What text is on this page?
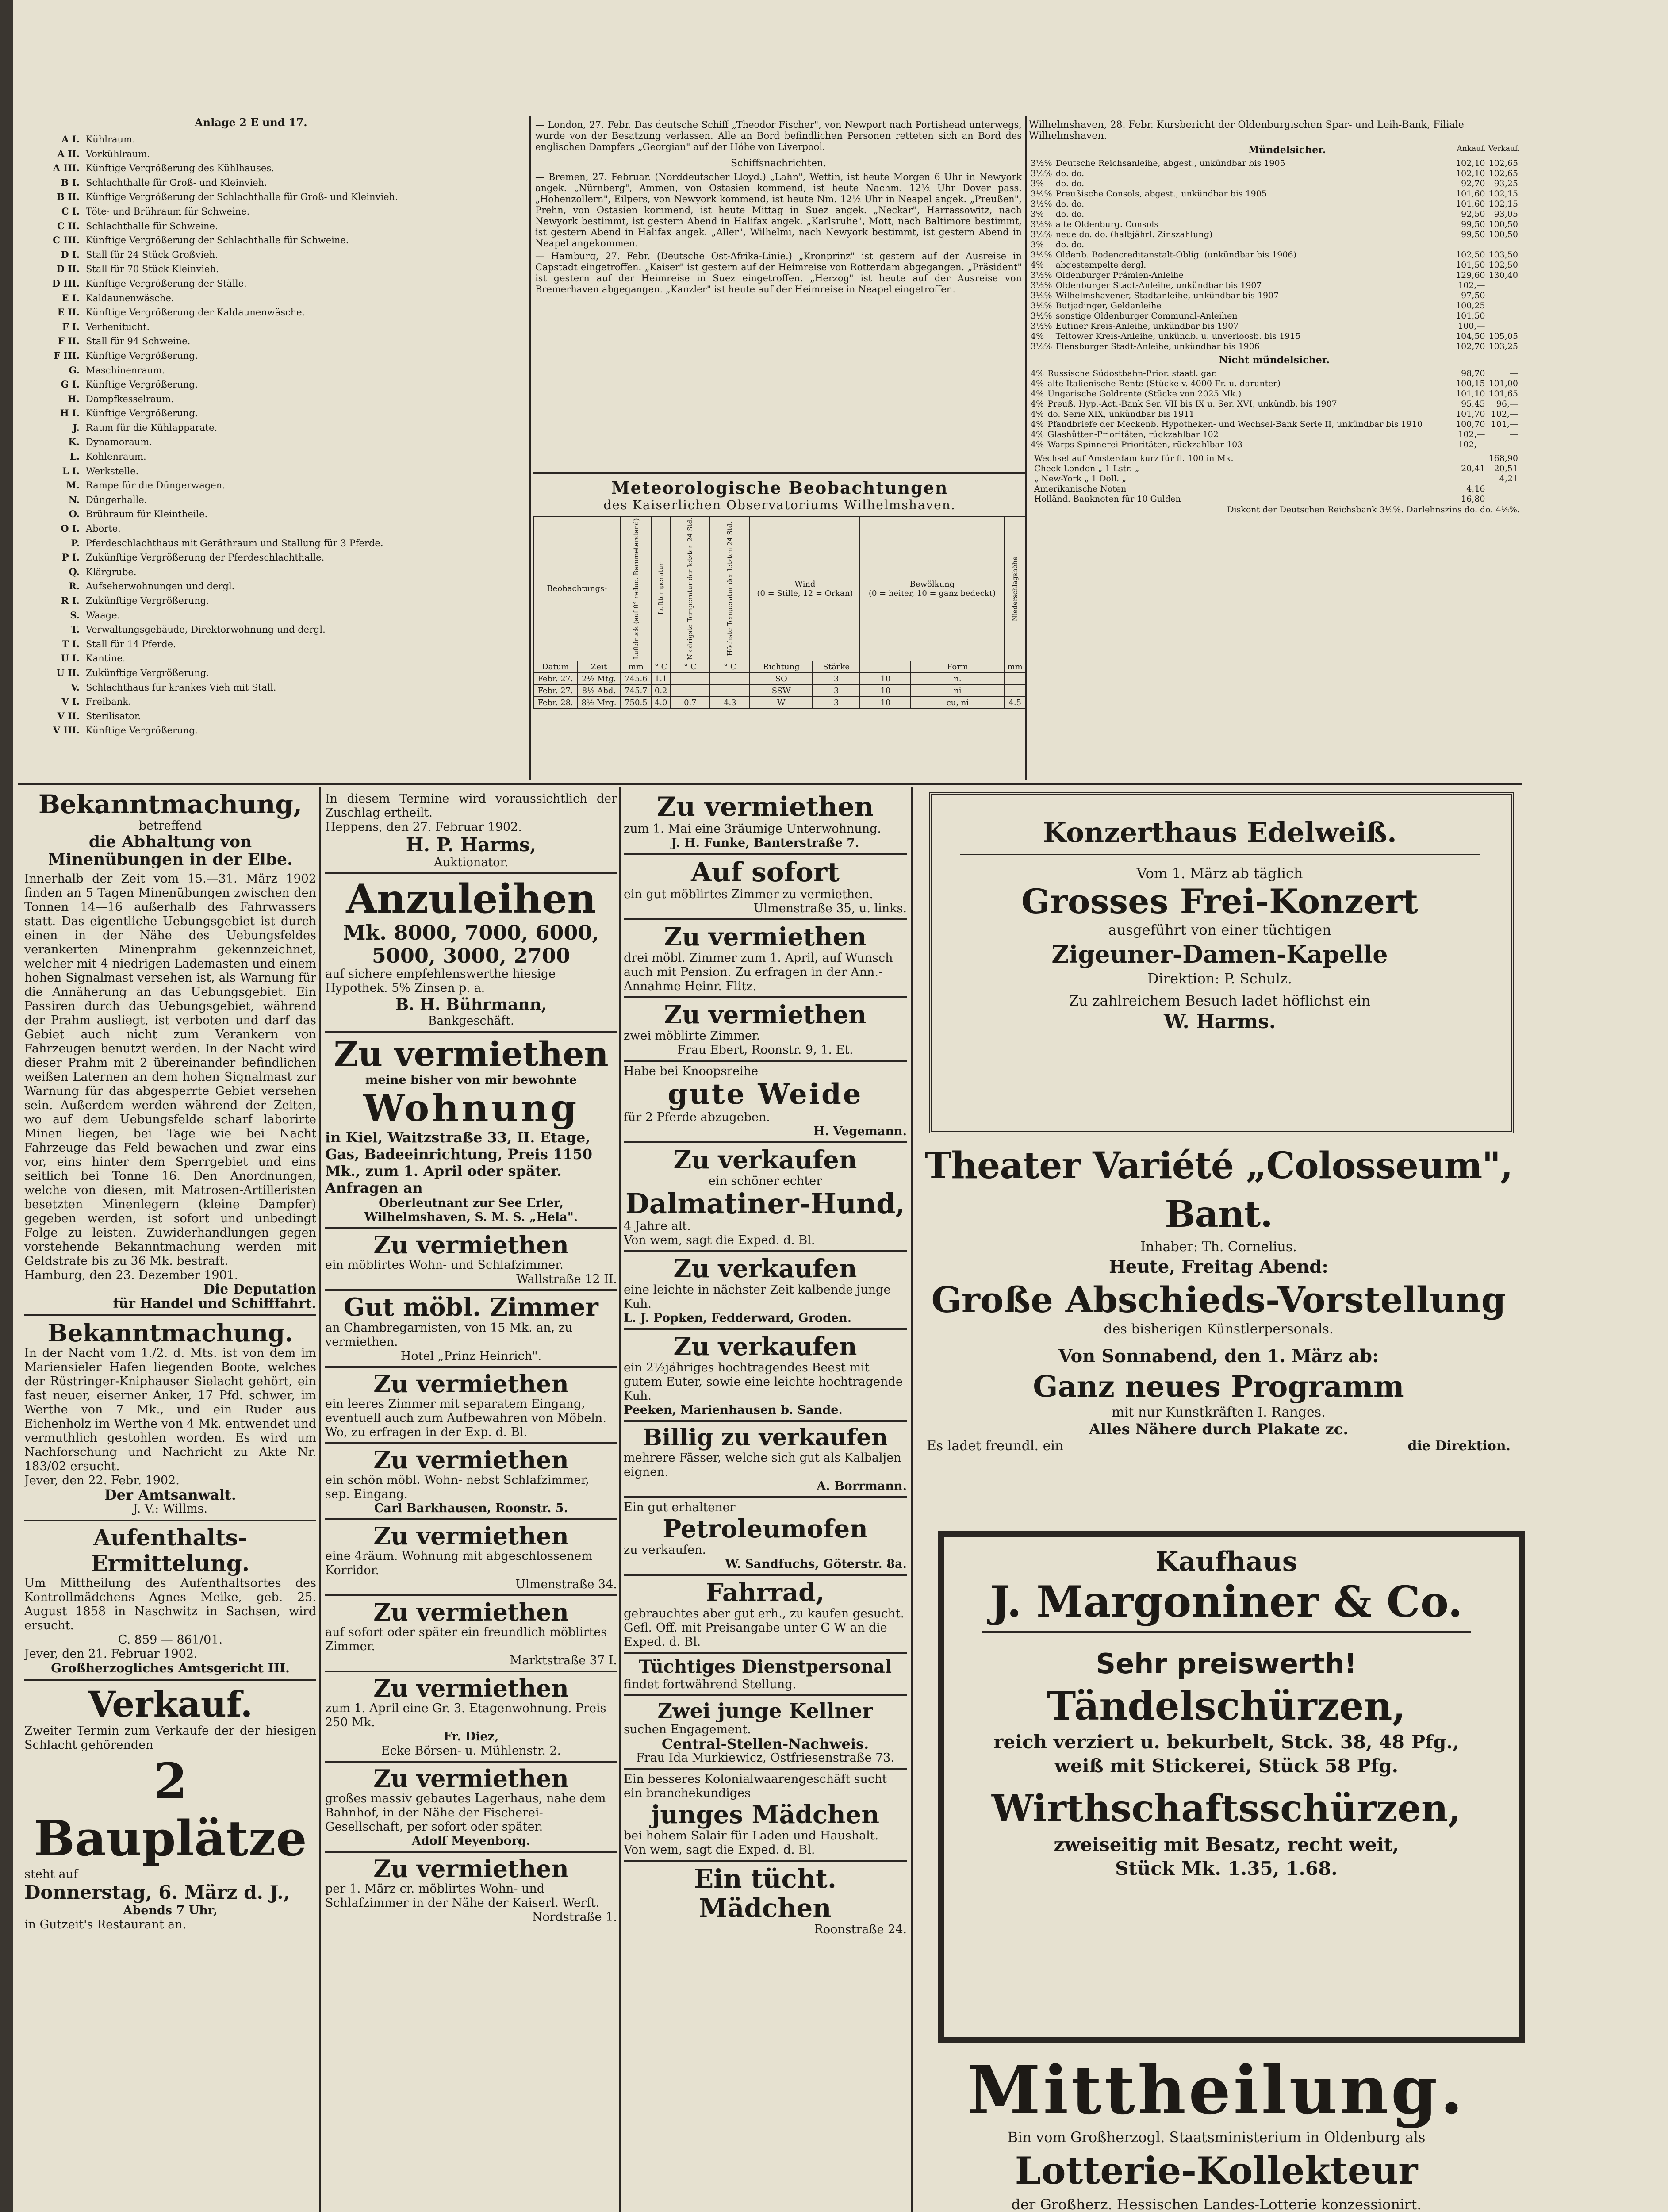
Anlage 2 E und 17.
A I. Kühlraum.
A II. Vorkühlraum.
A III. Künftige Vergrößerung des Kühlhauses.
B I. Schlachthalle für Groß- und Kleinvieh.
B II. Künftige Vergrößerung der Schlachthalle für Groß- und Kleinvieh.
C I. Töte- und Brühraum für Schweine.
C II. Schlachthalle für Schweine.
C III. Künftige Vergrößerung der Schlachthalle für Schweine.
D I. Stall für 24 Stück Großvieh.
D II. Stall für 70 Stück Kleinvieh.
D III. Künftige Vergrößerung der Ställe.
E I. Kaldaunenwäsche.
E II. Künftige Vergrößerung der Kaldaunenwäsche.
F I. Verhenitucht.
F II. Stall für 94 Schweine.
F III. Künftige Vergrößerung.
G. Maschinenraum.
G I. Künftige Vergrößerung.
H. Dampfkesselraum.
H I. Künftige Vergrößerung.
J. Raum für die Kühlapparate.
K. Dynamoraum.
L. Kohlenraum.
L I. Werkstelle.
M. Rampe für die Düngerwagen.
N. Düngerhalle.
O. Brühraum für Kleintheile.
O I. Aborte.
P. Pferdeschlachthaus mit Geräthraum und Stallung für 3 Pferde.
P I. Zukünftige Vergrößerung der Pferdeschlachthalle.
Q. Klärgrube.
R. Aufseherwohnungen und dergl.
R I. Zukünftige Vergrößerung.
S. Waage.
T. Verwaltungsgebäude, Direktorwohnung und dergl.
T I. Stall für 14 Pferde.
U I. Kantine.
U II. Zukünftige Vergrößerung.
V. Schlachthaus für krankes Vieh mit Stall.
V I. Freibank.
V II. Sterilisator.
V III. Künftige Vergrößerung.

— London, 27. Febr. Das deutsche Schiff „Theodor Fischer", von Newport nach Portishead unterwegs, wurde von der Besatzung verlassen. Alle an Bord befindlichen Personen retteten sich an Bord des englischen Dampfers „Georgian" auf der Höhe von Liverpool.

Schiffsnachrichten.

— Bremen, 27. Februar. (Norddeutscher Lloyd.) „Lahn", Wettin, ist heute Morgen 6 Uhr in Newyork angek. „Nürnberg", Ammen, von Ostasien kommend, ist heute Nachm. 12½ Uhr Dover pass. „Hohenzollern", Eilpers, von Newyork kommend, ist heute Nm. 12½ Uhr in Neapel angek. „Preußen", Prehn, von Ostasien kommend, ist heute Mittag in Suez angek. „Neckar", Harrassowitz, nach Newyork bestimmt, ist gestern Abend in Halifax angek. „Karlsruhe", Mott, nach Baltimore bestimmt, ist gestern Abend in Halifax angek. „Aller", Wilhelmi, nach Newyork bestimmt, ist gestern Abend in Neapel angekommen.

— Hamburg, 27. Febr. (Deutsche Ost-Afrika-Linie.) „Kronprinz" ist gestern auf der Ausreise in Capstadt eingetroffen. „Kaiser" ist gestern auf der Heimreise von Rotterdam abgegangen. „Präsident" ist gestern auf der Heimreise in Suez eingetroffen. „Herzog" ist heute auf der Ausreise von Bremerhaven abgegangen. „Kanzler" ist heute auf der Heimreise in Neapel eingetroffen.

Meteorologische Beobachtungen
des Kaiserlichen Observatoriums Wilhelmshaven.
Beobachtungs-		Luftdruck (auf 0° reduc. Barometerstand)	Lufttemperatur	Niedrigste Temperatur der letzten 24 Std.	Höchste Temperatur der letzten 24 Std.	Wind
(0 = Stille, 12 = Orkan)		Bewölkung
(0 = heiter, 10 = ganz bedeckt)		Niederschlagshöhe
Datum	Zeit	mm	° C	° C	° C	Richtung	Stärke		Form	mm
Febr. 27.	2½ Mtg.	745.6	1.1			SO	3	10	n.	
Febr. 27.	8½ Abd.	745.7	0.2			SSW	3	10	ni	
Febr. 28.	8½ Mrg.	750.5	4.0	0.7	4.3	W	3	10	cu, ni	4.5
Wilhelmshaven, 28. Febr. Kursbericht der Oldenburgischen Spar- und Leih-Bank, Filiale Wilhelmshaven.
Mündelsicher.	Ankauf. Verkauf.
3½%	Deutsche Reichsanleihe, abgest., unkündbar bis 1905	102,10	102,65
3½%	do. do.	102,10	102,65
3%	do. do.	92,70	93,25
3½%	Preußische Consols, abgest., unkündbar bis 1905	101,60	102,15
3½%	do. do.	101,60	102,15
3%	do. do.	92,50	93,05
3½%	alte Oldenburg. Consols	99,50	100,50
3½%	neue do. do. (halbjährl. Zinszahlung)	99,50	100,50
3%	do. do.		
3½%	Oldenb. Bodencreditanstalt-Oblig. (unkündbar bis 1906)	102,50	103,50
4%	abgestempelte dergl.	101,50	102,50
3½%	Oldenburger Prämien-Anleihe	129,60	130,40
3½%	Oldenburger Stadt-Anleihe, unkündbar bis 1907	102,—	
3½%	Wilhelmshavener, Stadtanleihe, unkündbar bis 1907	97,50	
3½%	Butjadinger, Geldanleihe	100,25	
3½%	sonstige Oldenburger Communal-Anleihen	101,50	
3½%	Eutiner Kreis-Anleihe, unkündbar bis 1907	100,—	
4%	Teltower Kreis-Anleihe, unkündb. u. unverloosb. bis 1915	104,50	105,05
3½%	Flensburger Stadt-Anleihe, unkündbar bis 1906	102,70	103,25
Nicht mündelsicher.
4%	Russische Südostbahn-Prior. staatl. gar.	98,70	—
4%	alte Italienische Rente (Stücke v. 4000 Fr. u. darunter)	100,15	101,00
4%	Ungarische Goldrente (Stücke von 2025 Mk.)	101,10	101,65
4%	Preuß. Hyp.-Act.-Bank Ser. VII bis IX u. Ser. XVI, unkündb. bis 1907	95,45	96,—
4%	do. Serie XIX, unkündbar bis 1911	101,70	102,—
4%	Pfandbriefe der Meckenb. Hypotheken- und Wechsel-Bank Serie II, unkündbar bis 1910	100,70	101,—
4%	Glashütten-Prioritäten, rückzahlbar 102	102,—	—
4%	Warps-Spinnerei-Prioritäten, rückzahlbar 103	102,—	
	Wechsel auf Amsterdam kurz für fl. 100 in Mk.		168,90
	Check London „ 1 Lstr. „	20,41	20,51
	„ New-York „ 1 Doll. „		4,21
	Amerikanische Noten	4,16	
	Holländ. Banknoten für 10 Gulden	16,80	
Diskont der Deutschen Reichsbank 3½%. Darlehnszins do. do. 4½%.
Bekanntmachung,
betreffend
die Abhaltung von Minenübungen in der Elbe.

Innerhalb der Zeit vom 15.—31. März 1902 finden an 5 Tagen Minenübungen zwischen den Tonnen 14—16 außerhalb des Fahrwassers statt. Das eigentliche Uebungsgebiet ist durch einen in der Nähe des Uebungsfeldes verankerten Minenprahm gekennzeichnet, welcher mit 4 niedrigen Lademasten und einem hohen Signalmast versehen ist, als Warnung für die Annäherung an das Uebungsgebiet. Ein Passiren durch das Uebungsgebiet, während der Prahm ausliegt, ist verboten und darf das Gebiet auch nicht zum Verankern von Fahrzeugen benutzt werden. In der Nacht wird dieser Prahm mit 2 übereinander befindlichen weißen Laternen an dem hohen Signalmast zur Warnung für das abgesperrte Gebiet versehen sein. Außerdem werden während der Zeiten, wo auf dem Uebungsfelde scharf laborirte Minen liegen, bei Tage wie bei Nacht Fahrzeuge das Feld bewachen und zwar eins vor, eins hinter dem Sperrgebiet und eins seitlich bei Tonne 16. Den Anordnungen, welche von diesen, mit Matrosen-Artilleristen besetzten Minenlegern (kleine Dampfer) gegeben werden, ist sofort und unbedingt Folge zu leisten. Zuwiderhandlungen gegen vorstehende Bekanntmachung werden mit Geldstrafe bis zu 36 Mk. bestraft.

Hamburg, den 23. Dezember 1901.
Die Deputation
für Handel und Schifffahrt.
Bekanntmachung.

In der Nacht vom 1./2. d. Mts. ist von dem im Mariensieler Hafen liegenden Boote, welches der Rüstringer-Kniphauser Sielacht gehört, ein fast neuer, eiserner Anker, 17 Pfd. schwer, im Werthe von 7 Mk., und ein Ruder aus Eichenholz im Werthe von 4 Mk. entwendet und vermuthlich gestohlen worden. Es wird um Nachforschung und Nachricht zu Akte Nr. 183/02 ersucht.

Jever, den 22. Febr. 1902.
Der Amtsanwalt.
J. V.: Willms.
Aufenthalts-Ermittelung.

Um Mittheilung des Aufenthaltsortes des Kontrollmädchens Agnes Meike, geb. 25. August 1858 in Naschwitz in Sachsen, wird ersucht.

C. 859 — 861/01.
Jever, den 21. Februar 1902.
Großherzogliches Amtsgericht III.
Verkauf.

Zweiter Termin zum Verkaufe der der hiesigen Schlacht gehörenden

2 Bauplätze
steht auf
Donnerstag, 6. März d. J.,
Abends 7 Uhr,
in Gutzeit's Restaurant an.

In diesem Termine wird voraussichtlich der Zuschlag ertheilt.

Heppens, den 27. Februar 1902.
H. P. Harms,
Auktionator.
Anzuleihen
Mk. 8000, 7000, 6000, 5000, 3000, 2700

auf sichere empfehlenswerthe hiesige Hypothek. 5% Zinsen p. a.

B. H. Bührmann,
Bankgeschäft.
Zu vermiethen
meine bisher von mir bewohnte
Wohnung

in Kiel, Waitzstraße 33, II. Etage, Gas, Badeeinrichtung, Preis 1150 Mk., zum 1. April oder später. Anfragen an

Oberleutnant zur See Erler, Wilhelmshaven, S. M. S. „Hela".
Zu vermiethen

ein möblirtes Wohn- und Schlafzimmer.

Wallstraße 12 II.
Gut möbl. Zimmer

an Chambregarnisten, von 15 Mk. an, zu vermiethen.

Hotel „Prinz Heinrich".
Zu vermiethen

ein leeres Zimmer mit separatem Eingang, eventuell auch zum Aufbewahren von Möbeln.

Wo, zu erfragen in der Exp. d. Bl.
Zu vermiethen

ein schön möbl. Wohn- nebst Schlafzimmer, sep. Eingang.

Carl Barkhausen, Roonstr. 5.
Zu vermiethen

eine 4räum. Wohnung mit abgeschlossenem Korridor.

Ulmenstraße 34.
Zu vermiethen

auf sofort oder später ein freundlich möblirtes Zimmer.

Marktstraße 37 I.
Zu vermiethen

zum 1. April eine Gr. 3. Etagenwohnung. Preis 250 Mk.

Fr. Diez,
Ecke Börsen- u. Mühlenstr. 2.
Zu vermiethen

großes massiv gebautes Lagerhaus, nahe dem Bahnhof, in der Nähe der Fischerei-Gesellschaft, per sofort oder später.

Adolf Meyenborg.
Zu vermiethen

per 1. März cr. möblirtes Wohn- und Schlafzimmer in der Nähe der Kaiserl. Werft.

Nordstraße 1.
Zu vermiethen

zum 1. Mai eine 3räumige Unterwohnung.

J. H. Funke, Banterstraße 7.
Auf sofort

ein gut möblirtes Zimmer zu vermiethen.

Ulmenstraße 35, u. links.
Zu vermiethen

drei möbl. Zimmer zum 1. April, auf Wunsch auch mit Pension. Zu erfragen in der Ann.-Annahme Heinr. Flitz.

Zu vermiethen

zwei möblirte Zimmer.

Frau Ebert, Roonstr. 9, 1. Et.
Habe bei Knoopsreihe
gute Weide

für 2 Pferde abzugeben.

H. Vegemann.
Zu verkaufen
ein schöner echter
Dalmatiner-Hund,

4 Jahre alt.

Von wem, sagt die Exped. d. Bl.
Zu verkaufen

eine leichte in nächster Zeit kalbende junge Kuh.

L. J. Popken, Fedderward, Groden.
Zu verkaufen

ein 2½jähriges hochtragendes Beest mit gutem Euter, sowie eine leichte hochtragende Kuh.

Peeken, Marienhausen b. Sande.
Billig zu verkaufen

mehrere Fässer, welche sich gut als Kalbaljen eignen.

A. Borrmann.
Ein gut erhaltener
Petroleumofen

zu verkaufen.

W. Sandfuchs, Göterstr. 8a.
Fahrrad,

gebrauchtes aber gut erh., zu kaufen gesucht. Gefl. Off. mit Preisangabe unter G W an die Exped. d. Bl.

Tüchtiges Dienstpersonal

findet fortwährend Stellung.

Zwei junge Kellner

suchen Engagement.

Central-Stellen-Nachweis.
Frau Ida Murkiewicz, Ostfriesenstraße 73.

Ein besseres Kolonialwaarengeschäft sucht ein branchekundiges

junges Mädchen

bei hohem Salair für Laden und Haushalt.

Von wem, sagt die Exped. d. Bl.
Ein tücht. Mädchen
Roonstraße 24.
Konzerthaus Edelweiß.
Vom 1. März ab täglich
Grosses Frei-Konzert
ausgeführt von einer tüchtigen
Zigeuner-Damen-Kapelle
Direktion: P. Schulz.
Zu zahlreichem Besuch ladet höflichst ein
W. Harms.
Theater Variété „Colosseum", Bant.
Inhaber: Th. Cornelius.
Heute, Freitag Abend:
Große Abschieds-Vorstellung
des bisherigen Künstlerpersonals.
Von Sonnabend, den 1. März ab:
Ganz neues Programm
mit nur Kunstkräften I. Ranges.
Alles Nähere durch Plakate zc.
Es ladet freundl. ein	die Direktion.
Kaufhaus
J. Margoniner & Co.
Sehr preiswerth!
Tändelschürzen,
reich verziert u. bekurbelt, Stck. 38, 48 Pfg.,
weiß mit Stickerei, Stück 58 Pfg.
Wirthschaftsschürzen,
zweiseitig mit Besatz, recht weit,
Stück Mk. 1.35, 1.68.
Mittheilung.
Bin vom Großherzogl. Staatsministerium in Oldenburg als
Lotterie-Kollekteur
der Großherz. Hessischen Landes-Lotterie konzessionirt.
